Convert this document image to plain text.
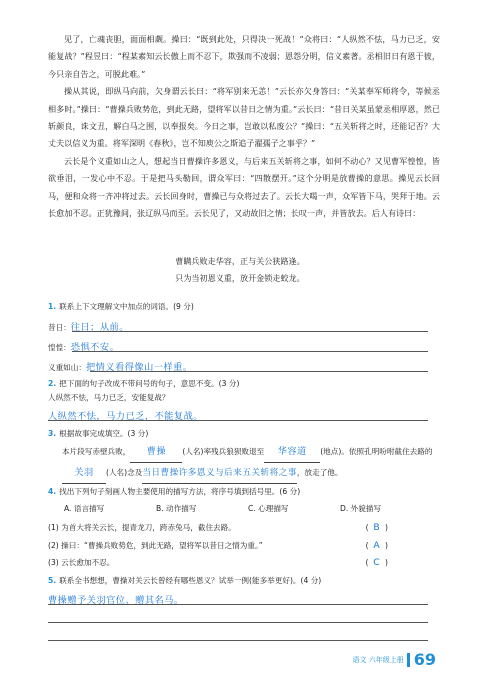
见了，亡魂丧胆，面面相觑。操曰：“既到此处，只得决一死战！”众将曰：“人纵然不怯，马力已乏，安能复战？”程昱曰：“程某素知云长傲上而不忍下，欺强而不凌弱；恩怨分明，信义素著。丞相旧日有恩于彼，今只亲自告之，可脱此难。”

操从其说，即纵马向前，欠身谓云长曰：“将军别来无恙！”云长亦欠身答曰：“关某奉军师将令，等候丞相多时。”操曰：“曹操兵败势危，到此无路，望将军以昔日之情为重。”云长曰：“昔日关某虽蒙丞相厚恩，然已斩颜良，诛文丑，解白马之围，以奉报矣。今日之事，岂敢以私废公？”操曰：“五关斩将之时，还能记否？大丈夫以信义为重。将军深明《春秋》，岂不知庾公之斯追子濯孺子之事乎？”

云长是个义重如山之人，想起当日曹操许多恩义，与后来五关斩将之事，如何不动心？又见曹军惶惶，皆欲垂泪，一发心中不忍。于是把马头勒回，谓众军曰：“四散摆开。”这个分明是放曹操的意思。操见云长回马，便和众将一齐冲将过去。云长回身时，曹操已与众将过去了。云长大喝一声，众军皆下马，哭拜于地。云长愈加不忍。正犹豫间，张辽纵马而至。云长见了，又动故旧之情；长叹一声，并皆放去。后人有诗曰：

曹瞒兵败走华容，正与关公狭路逢。
只为当初恩义重，放开金锁走蛟龙。
1. 联系上下文理解文中加点的词语。(9 分)
昔日：往日；从前。
惶惶：恐惧不安。
义重如山：把情义看得像山一样重。
2. 把下面的句子改成不带问号的句子，意思不变。(3 分)
人纵然不怯，马力已乏，安能复战？
人纵然不怯，马力已乏，不能复战。
3. 根据故事完成填空。(3 分)
本片段写赤壁兵败， 曹操 (人名)率残兵狼狈败退至 华容道 (地点)。依照孔明吩咐截住去路的关羽 (人名)念及当日曹操许多恩义与后来五关斩将之事，放走了他。
4. 找出下列句子刻画人物主要使用的描写方法，将序号填到括号里。(6 分)
A. 语言描写	B. 动作描写	C. 心理描写	D. 外貌描写
(1) 为首大将关云长，提青龙刀，跨赤兔马，截住去路。	(  B  )
(2) 操曰：“曹操兵败势危，到此无路，望将军以昔日之情为重。”	(  A  )
(3) 云长愈加不忍。	(  C  )
5. 联系全书想想，曹操对关云长曾经有哪些恩义？试举一例(能多举更好)。(4 分)
曹操赠予关羽官位、赠其名马。
语文 六年级上册 69
